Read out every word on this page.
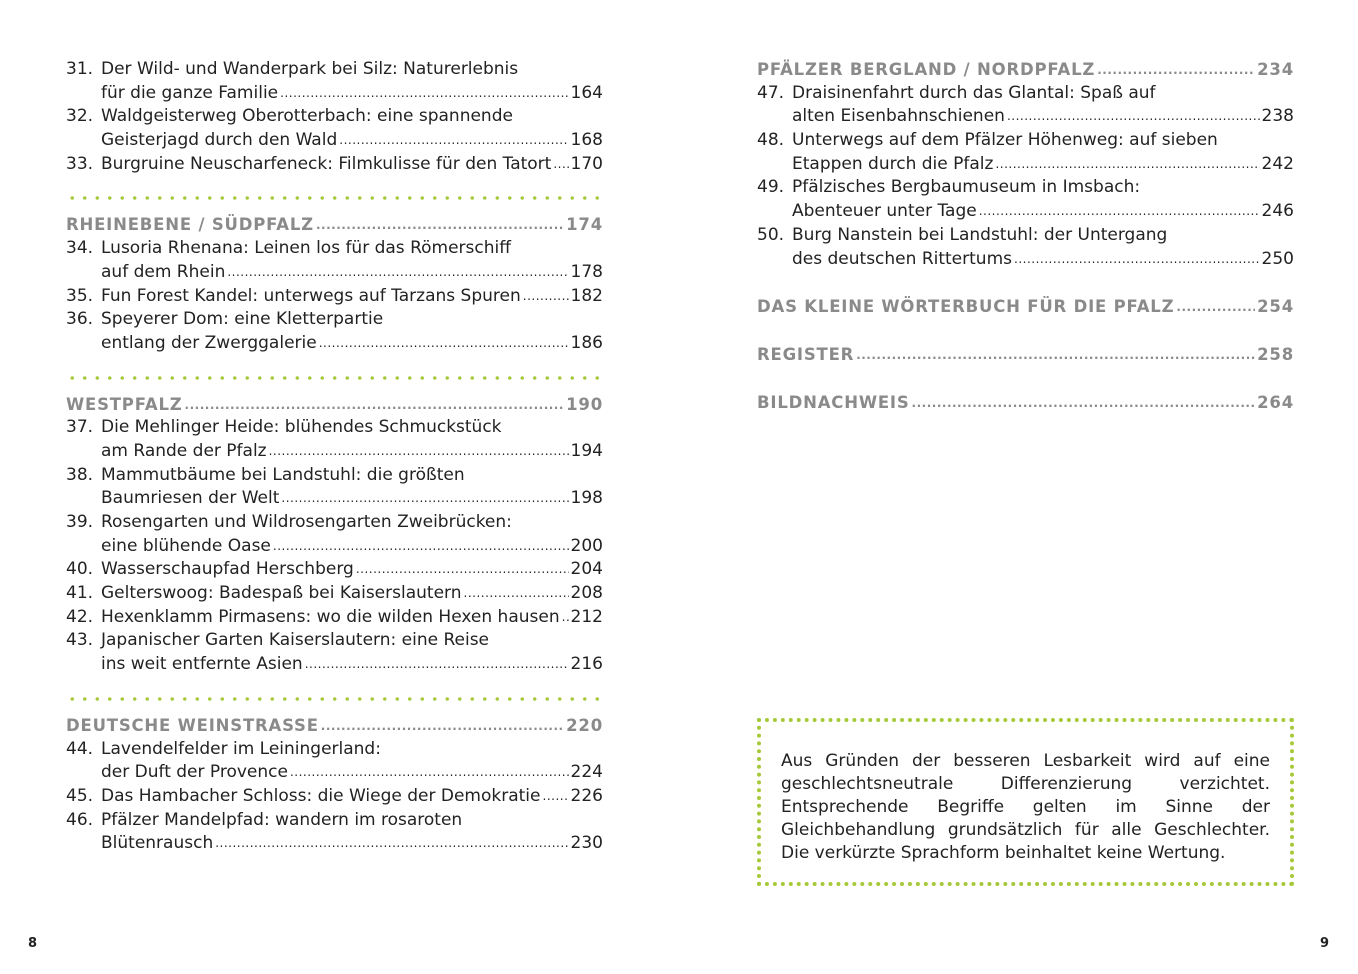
31. Der Wild- und Wanderpark bei Silz: Naturerlebnis
für die ganze Familie .....	164
32. Waldgeisterweg Oberotterbach: eine spannende
Geisterjagd durch den Wald .....	168
33. Burgruine Neuscharfeneck: Filmkulisse für den Tatort ..... 170
RHEINEBENE / SÜDPFALZ .....	174
34. Lusoria Rhenana: Leinen los für das Römerschiff
auf dem Rhein .....	178
35. Fun Forest Kandel: unterwegs auf Tarzans Spuren .....	182
36. Speyerer Dom: eine Kletterpartie
entlang der Zwerggalerie .....	186
WESTPFALZ .....	190
37. Die Mehlinger Heide: blühendes Schmuckstück
am Rande der Pfalz .....	194
38. Mammutbäume bei Landstuhl: die größten
Baumriesen der Welt .....	198
39. Rosengarten und Wildrosengarten Zweibrücken:
eine blühende Oase .....	200
40. Wasserschaupfad Herschberg .....	204
41. Gelterswoog: Badespaß bei Kaiserslautern .....	208
42. Hexenklamm Pirmasens: wo die wilden Hexen hausen ..... 212
43. Japanischer Garten Kaiserslautern: eine Reise
ins weit entfernte Asien .....	216
DEUTSCHE WEINSTRASSE .....	220
44. Lavendelfelder im Leiningerland:
der Duft der Provence .....	224
45. Das Hambacher Schloss: die Wiege der Demokratie ..... 226
46. Pfälzer Mandelpfad: wandern im rosaroten
Blütenrausch .....	230
PFÄLZER BERGLAND / NORDPFALZ .....	234
47. Draisinenfahrt durch das Glantal: Spaß auf
alten Eisenbahnschienen .....	238
48. Unterwegs auf dem Pfälzer Höhenweg: auf sieben
Etappen durch die Pfalz .....	242
49. Pfälzisches Bergbaumuseum in Imsbach:
Abenteuer unter Tage .....	246
50. Burg Nanstein bei Landstuhl: der Untergang
des deutschen Rittertums .....	250
DAS KLEINE WÖRTERBUCH FÜR DIE PFALZ .....	254
REGISTER .....	258
BILDNACHWEIS .....	264

Aus Gründen der besseren Lesbarkeit wird auf eine geschlechtsneutrale Differenzierung verzichtet. Entsprechende Begriffe gelten im Sinne der Gleichbehandlung grundsätzlich für alle Geschlechter. Die verkürzte Sprachform beinhaltet keine Wertung.

8	9
